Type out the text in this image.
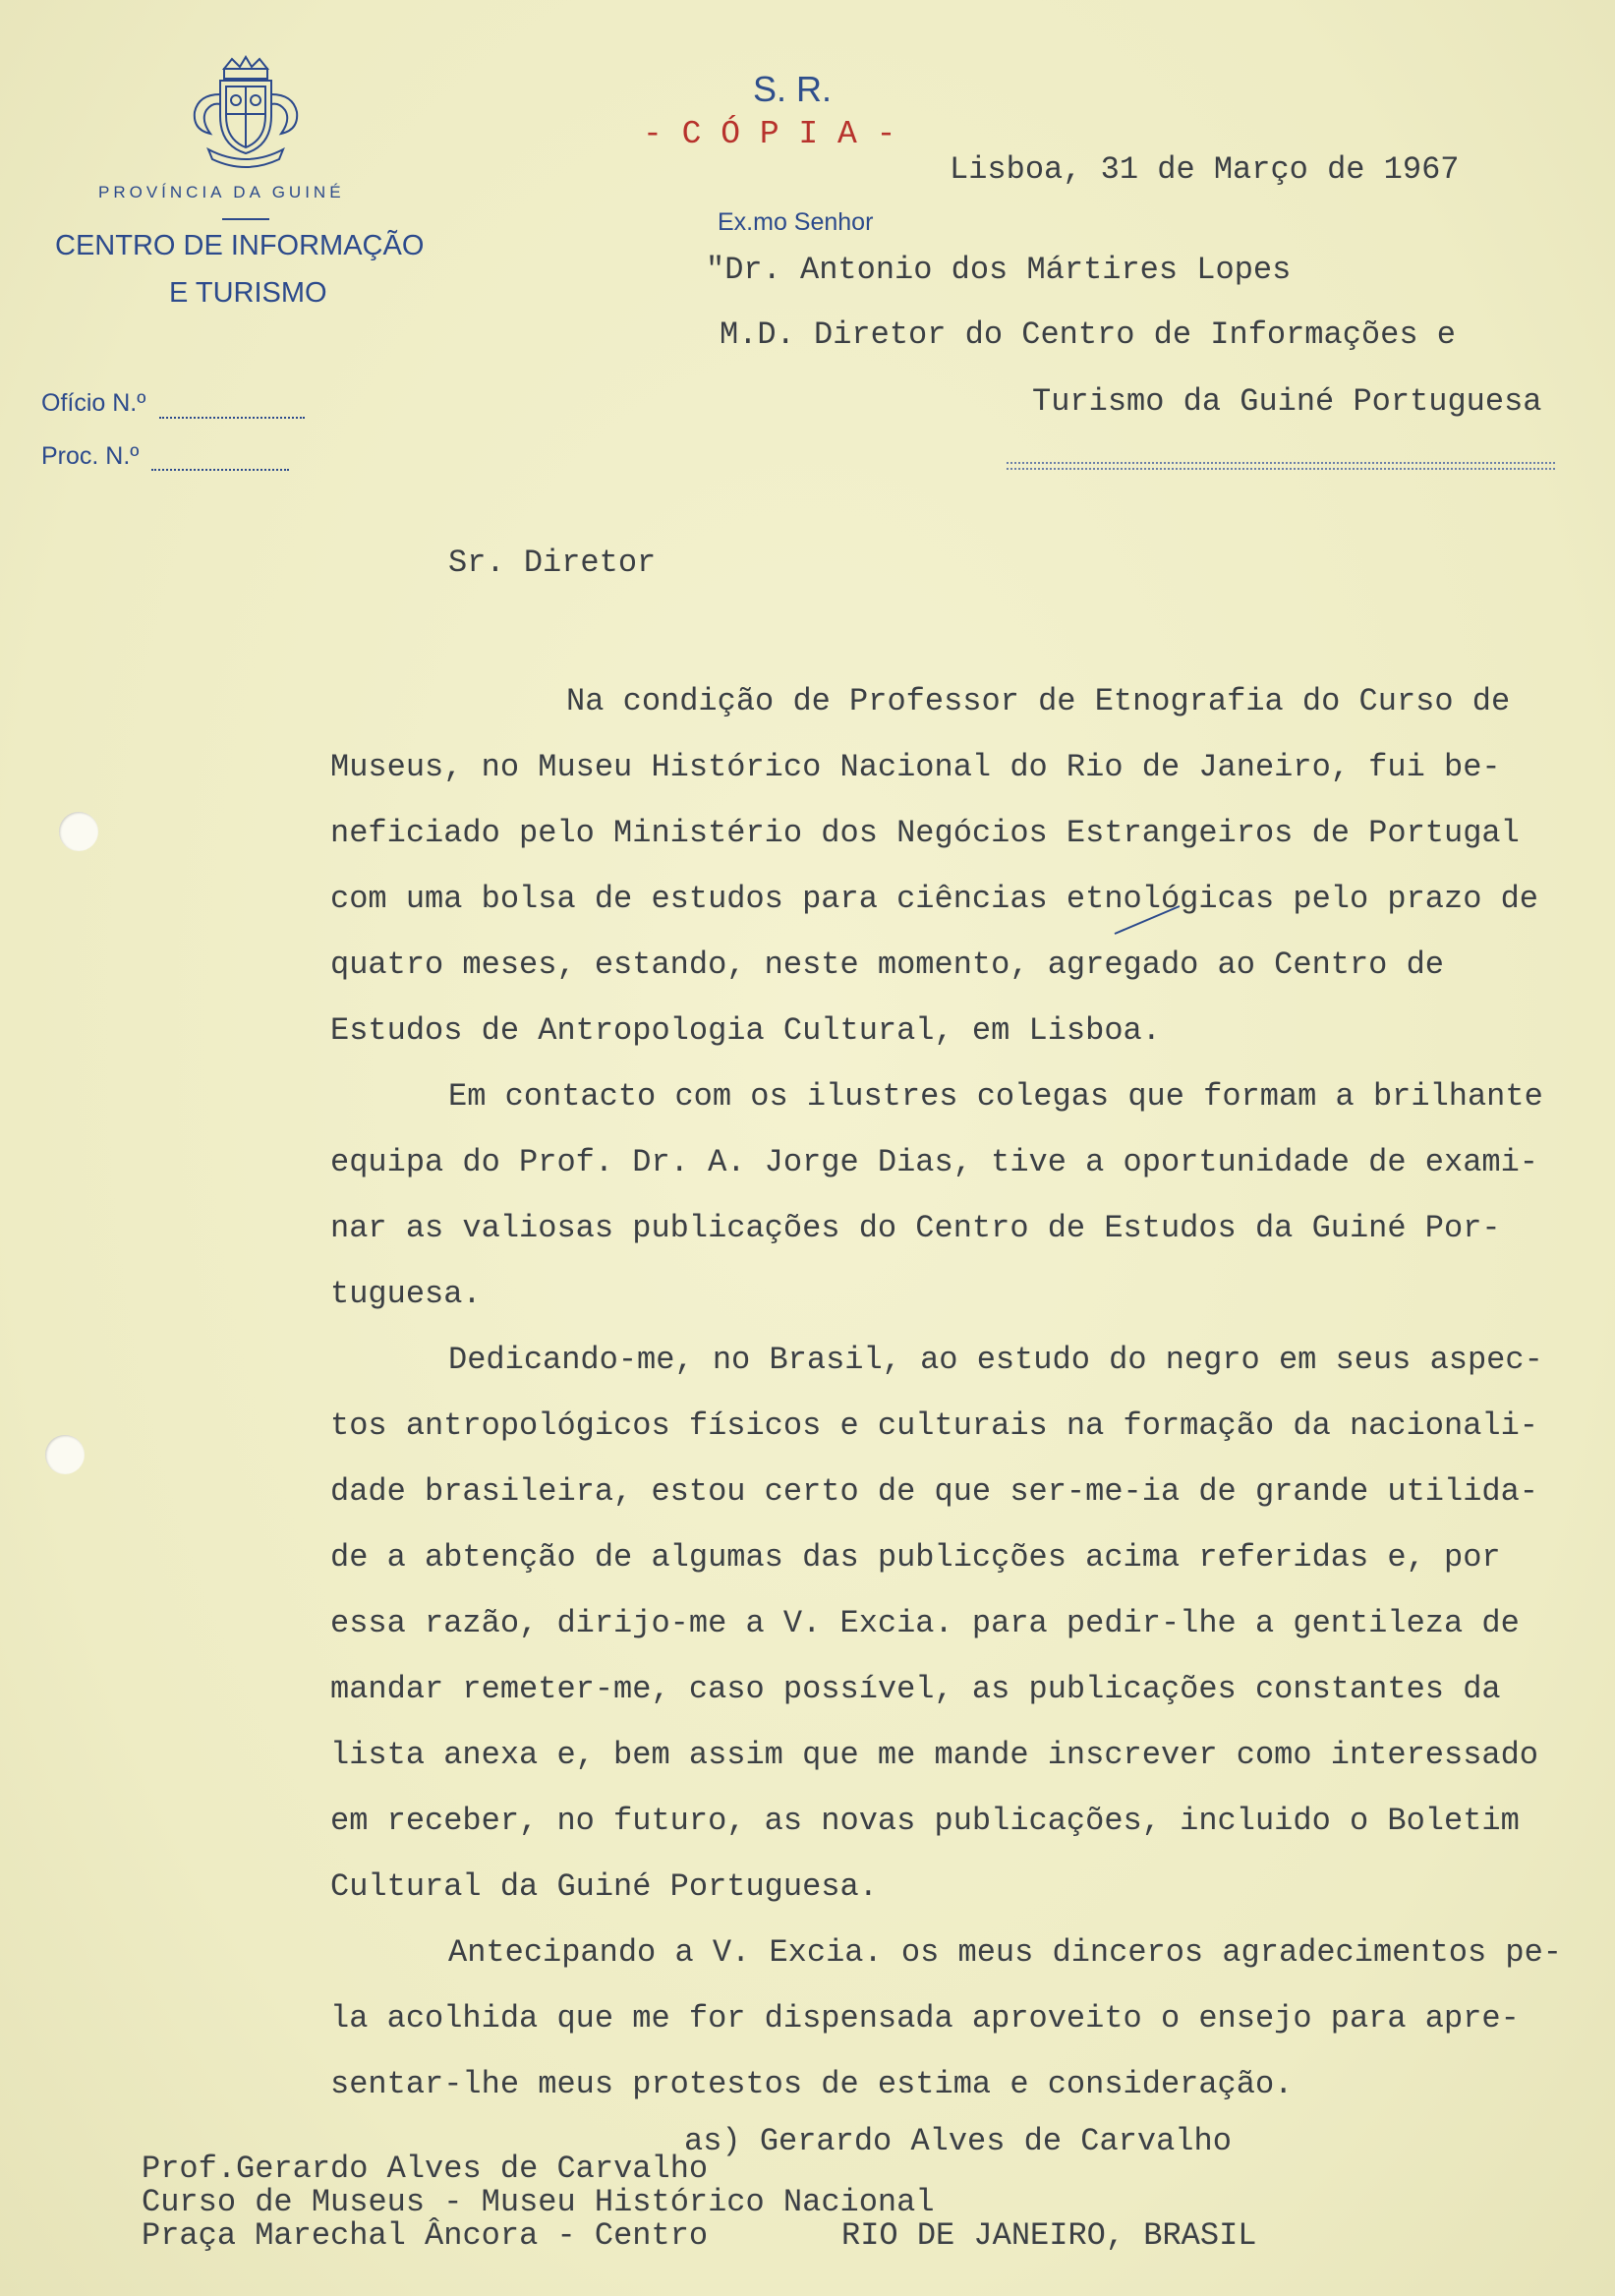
PROVÍNCIA DA GUINÉ
CENTRO DE INFORMAÇÃO
E TURISMO
Ofício N.º
Proc. N.º
S. R.
- C Ó P I A -
Lisboa, 31 de Março de 1967
Ex.mo Senhor
"Dr. Antonio dos Mártires Lopes
M.D. Diretor do Centro de Informações e
Turismo da Guiné Portuguesa
Sr. Diretor
Na condição de Professor de Etnografia do Curso de
Museus, no Museu Histórico Nacional do Rio de Janeiro, fui be-
neficiado pelo Ministério dos Negócios Estrangeiros de Portugal
com uma bolsa de estudos para ciências etnológicas pelo prazo de
quatro meses, estando, neste momento, agregado ao Centro de
Estudos de Antropologia Cultural, em Lisboa.
Em contacto com os ilustres colegas que formam a brilhante
equipa do Prof. Dr. A. Jorge Dias, tive a oportunidade de exami-
nar as valiosas publicações do Centro de Estudos da Guiné Por-
tuguesa.
Dedicando-me, no Brasil, ao estudo do negro em seus aspec-
tos antropológicos físicos e culturais na formação da nacionali-
dade brasileira, estou certo de que ser-me-ia de grande utilida-
de a abtenção de algumas das publicções acima referidas e, por
essa razão, dirijo-me a V. Excia. para pedir-lhe a gentileza de
mandar remeter-me, caso possível, as publicações constantes da
lista anexa e, bem assim que me mande inscrever como interessado
em receber, no futuro, as novas publicações, incluido o Boletim
Cultural da Guiné Portuguesa.
Antecipando a V. Excia. os meus dinceros agradecimentos pe-
la acolhida que me for dispensada aproveito o ensejo para apre-
sentar-lhe meus protestos de estima e consideração.
as) Gerardo Alves de Carvalho
Prof.Gerardo Alves de Carvalho
Curso de Museus - Museu Histórico Nacional
Praça Marechal Âncora - Centro	RIO DE JANEIRO, BRASIL
